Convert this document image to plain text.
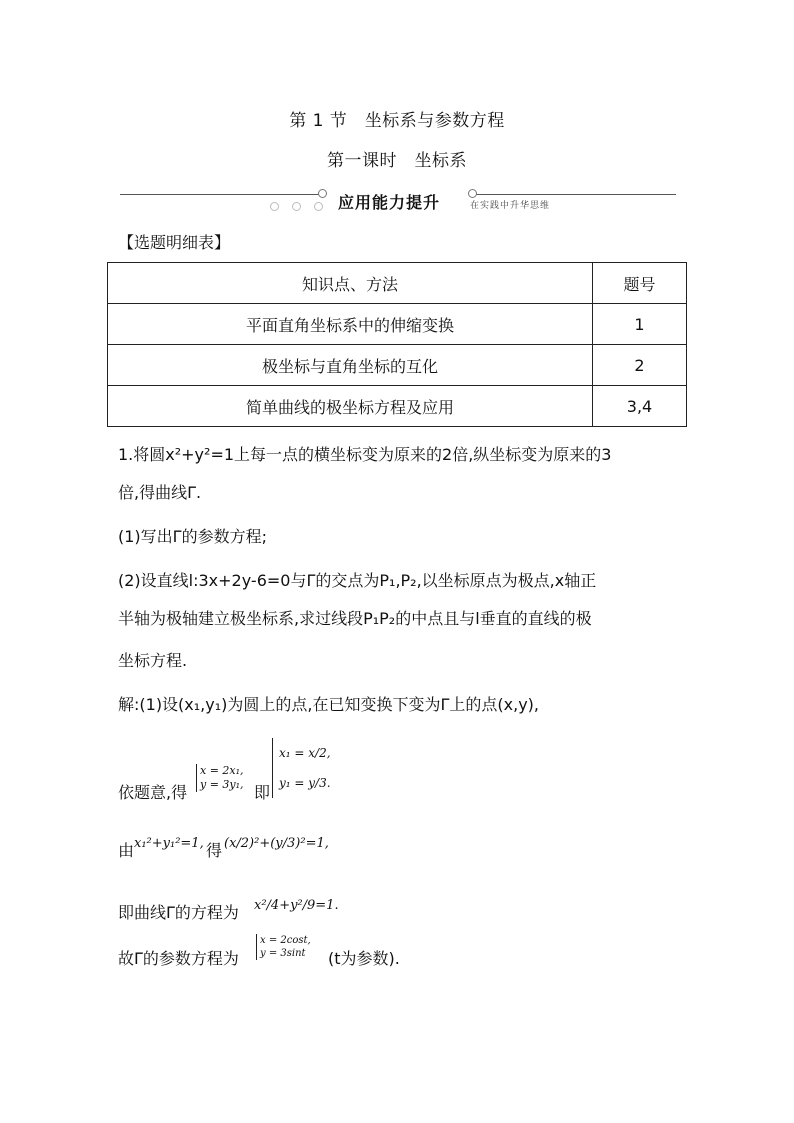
第 1 节　坐标系与参数方程
第一课时　坐标系
应用能力提升	在实践中升华思维
【选题明细表】
知识点、方法	题号
平面直角坐标系中的伸缩变换	1
极坐标与直角坐标的互化	2
简单曲线的极坐标方程及应用	3,4
1.将圆x²+y²=1上每一点的横坐标变为原来的2倍,纵坐标变为原来的3
倍,得曲线Γ.
(1)写出Γ的参数方程;
(2)设直线l:3x+2y-6=0与Γ的交点为P₁,P₂,以坐标原点为极点,x轴正
半轴为极轴建立极坐标系,求过线段P₁P₂的中点且与l垂直的直线的极
坐标方程.
解:(1)设(x₁,y₁)为圆上的点,在已知变换下变为Γ上的点(x,y),
依题意,得
x = 2x₁,
y = 3y₁, 即
x₁ = x/2,
y₁ = y/3.
由 x₁²+y₁²=1, 得 (x/2)²+(y/3)²=1,
即曲线Γ的方程为 x²/4+y²/9=1.
故Γ的参数方程为
x = 2cost,
y = 3sint	(t为参数).
